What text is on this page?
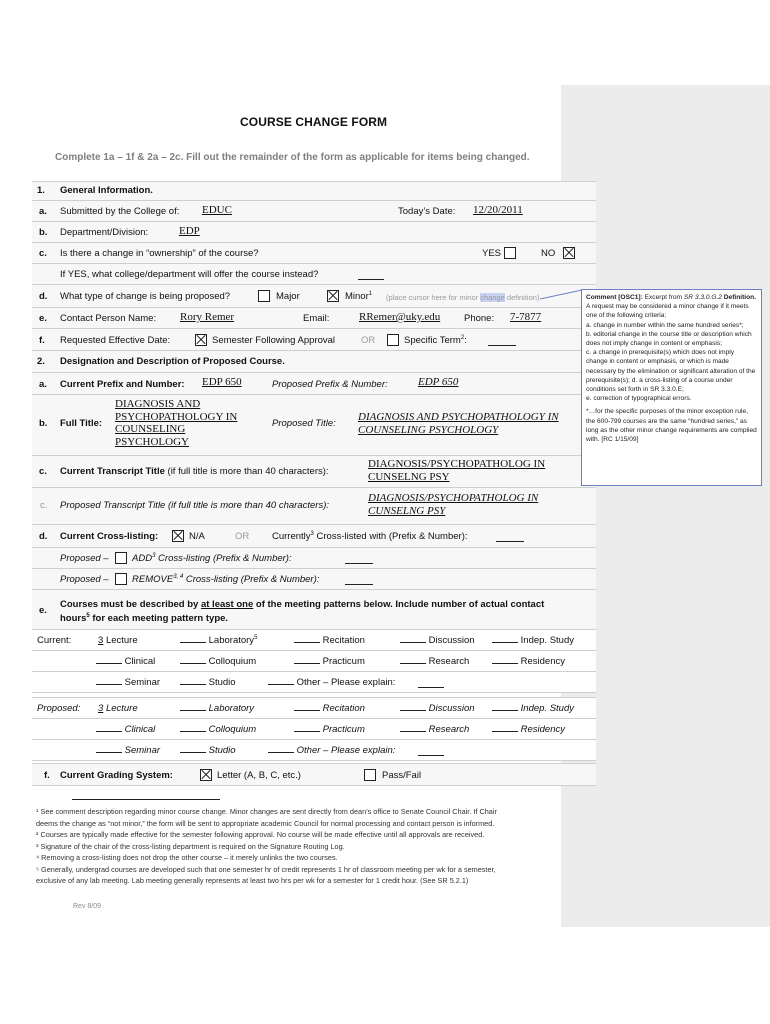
COURSE CHANGE FORM
Complete 1a – 1f & 2a – 2c. Fill out the remainder of the form as applicable for items being changed.
1. General Information.
a. Submitted by the College of: EDUC	Today’s Date: 12/20/2011
b. Department/Division:	EDP
c. Is there a change in “ownership” of the course?	YES	NO
If YES, what college/department will offer the course instead?
d. What type of change is being proposed?	Major	Minor$^1$ (place cursor here for minor change definition)
e. Contact Person Name: Rory Remer	Email:	RRemer@uky.edu	Phone: 7-7877
f. Requested Effective Date:	Semester Following Approval	OR	Specific Term$^2$:
2. Designation and Description of Proposed Course.
a. Current Prefix and Number: EDP 650	Proposed Prefix & Number:	EDP 650
b. Full Title:
DIAGNOSIS AND
PSYCHOPATHOLOGY IN
COUNSELING
PSYCHOLOGY
Proposed Title:
DIAGNOSIS AND PSYCHOPATHOLOGY IN
COUNSELING PSYCHOLOGY
c. Current Transcript Title (if full title is more than 40 characters):
DIAGNOSIS/PSYCHOPATHOLOG IN
CUNSELNG PSY
c. Proposed Transcript Title (if full title is more than 40 characters):
DIAGNOSIS/PSYCHOPATHOLOG IN
CUNSELNG PSY
d. Current Cross-listing:	N/A	OR Currently$^3$ Cross-listed with (Prefix & Number):
Proposed – ADD$^3$ Cross-listing (Prefix & Number):
Proposed – REMOVE$^{3, 4}$ Cross-listing (Prefix & Number):
e.
Courses must be described by at least one of the meeting patterns below. Include number of actual contact
hours$^5$ for each meeting pattern type.
Current:	3 Lecture	Laboratory$^5$	Recitation	Discussion	Indep. Study
Clinical	Colloquium	Practicum	Research	Residency
Seminar	Studio	Other – Please explain:
Proposed: 3 Lecture	Laboratory	Recitation	Discussion	Indep. Study
Clinical	Colloquium	Practicum	Research	Residency
Seminar	Studio	Other – Please explain:
f. Current Grading System:	Letter (A, B, C, etc.)	Pass/Fail
¹ See comment description regarding minor course change. Minor changes are sent directly from dean’s office to Senate Council Chair. If Chair
deems the change as “not minor,” the form will be sent to appropriate academic Council for normal processing and contact person is informed.
² Courses are typically made effective for the semester following approval. No course will be made effective until all approvals are received.
³ Signature of the chair of the cross-listing department is required on the Signature Routing Log.
⁴ Removing a cross-listing does not drop the other course – it merely unlinks the two courses.
⁵ Generally, undergrad courses are developed such that one semester hr of credit represents 1 hr of classroom meeting per wk for a semester,
exclusive of any lab meeting. Lab meeting generally represents at least two hrs per wk for a semester for 1 credit hour. (See SR 5.2.1)
Rev 8/09

Comment [OSC1]: Excerpt from SR 3.3.0.G.2 Definition. A request may be considered a minor change if it meets one of the following criteria:

a. change in number within the same hundred series*;

b. editorial change in the course title or description which does not imply change in content or emphasis;

c. a change in prerequisite(s) which does not imply change in content or emphasis, or which is made necessary by the elimination or significant alteration of the prerequisite(s); d. a cross-listing of a course under conditions set forth in SR 3.3.0.E;

e. correction of typographical errors.

*…for the specific purposes of the minor exception rule, the 600-799 courses are the same “hundred series,” as long as the other minor change requirements are complied with. [RC 1/15/09]
